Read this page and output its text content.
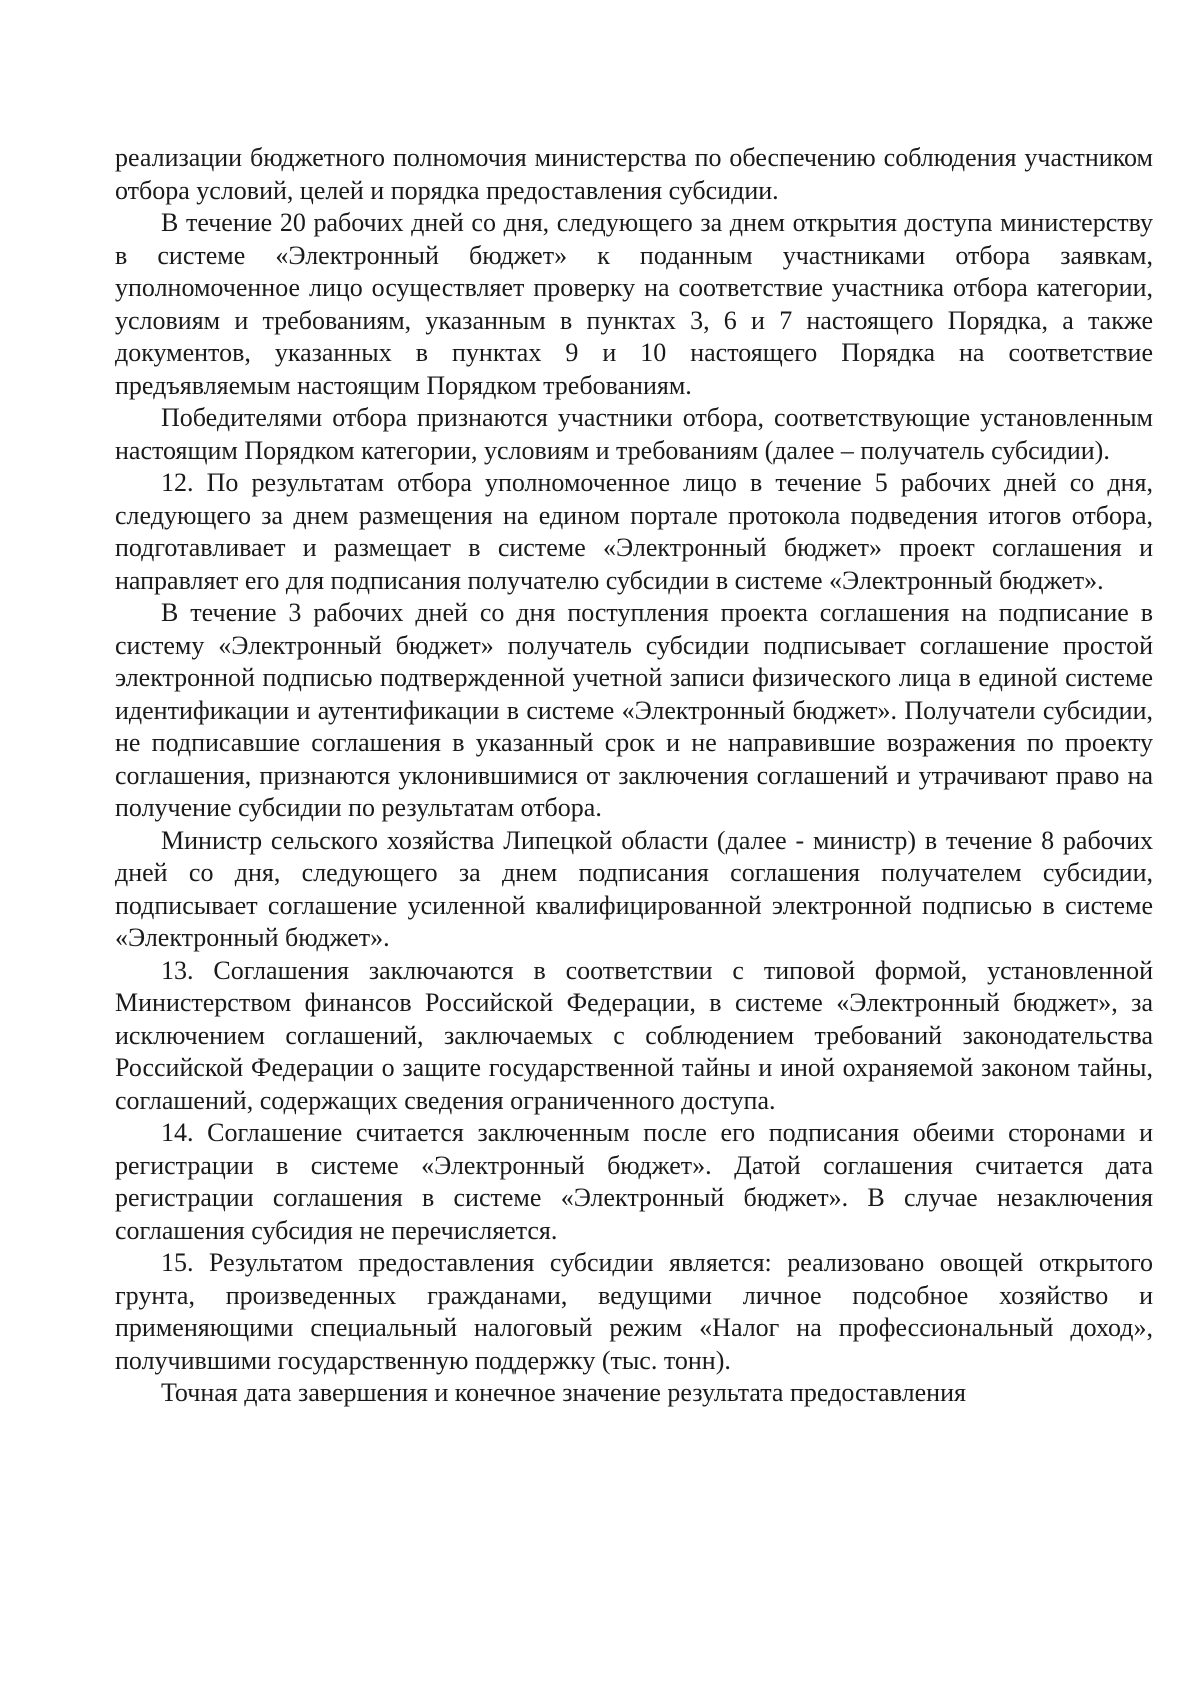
реализации бюджетного полномочия министерства по обеспечению соблюдения участником отбора условий, целей и порядка предоставления субсидии.

В течение 20 рабочих дней со дня, следующего за днем открытия доступа министерству в системе «Электронный бюджет» к поданным участниками отбора заявкам, уполномоченное лицо осуществляет проверку на соответствие участника отбора категории, условиям и требованиям, указанным в пунктах 3, 6 и 7 настоящего Порядка, а также документов, указанных в пунктах 9 и 10 настоящего Порядка на соответствие предъявляемым настоящим Порядком требованиям.

Победителями отбора признаются участники отбора, соответствующие установленным настоящим Порядком категории, условиям и требованиям (далее – получатель субсидии).

12. По результатам отбора уполномоченное лицо в течение 5 рабочих дней со дня, следующего за днем размещения на едином портале протокола подведения итогов отбора, подготавливает и размещает в системе «Электронный бюджет» проект соглашения и направляет его для подписания получателю субсидии в системе «Электронный бюджет».

В течение 3 рабочих дней со дня поступления проекта соглашения на подписание в систему «Электронный бюджет» получатель субсидии подписывает соглашение простой электронной подписью подтвержденной учетной записи физического лица в единой системе идентификации и аутентификации в системе «Электронный бюджет». Получатели субсидии, не подписавшие соглашения в указанный срок и не направившие возражения по проекту соглашения, признаются уклонившимися от заключения соглашений и утрачивают право на получение субсидии по результатам отбора.

Министр сельского хозяйства Липецкой области (далее - министр) в течение 8 рабочих дней со дня, следующего за днем подписания соглашения получателем субсидии, подписывает соглашение усиленной квалифицированной электронной подписью в системе «Электронный бюджет».

13. Соглашения заключаются в соответствии с типовой формой, установленной Министерством финансов Российской Федерации, в системе «Электронный бюджет», за исключением соглашений, заключаемых с соблюдением требований законодательства Российской Федерации о защите государственной тайны и иной охраняемой законом тайны, соглашений, содержащих сведения ограниченного доступа.

14. Соглашение считается заключенным после его подписания обеими сторонами и регистрации в системе «Электронный бюджет». Датой соглашения считается дата регистрации соглашения в системе «Электронный бюджет». В случае незаключения соглашения субсидия не перечисляется.

15. Результатом предоставления субсидии является: реализовано овощей открытого грунта, произведенных гражданами, ведущими личное подсобное хозяйство и применяющими специальный налоговый режим «Налог на профессиональный доход», получившими государственную поддержку (тыс. тонн).

Точная дата завершения и конечное значение результата предоставления
